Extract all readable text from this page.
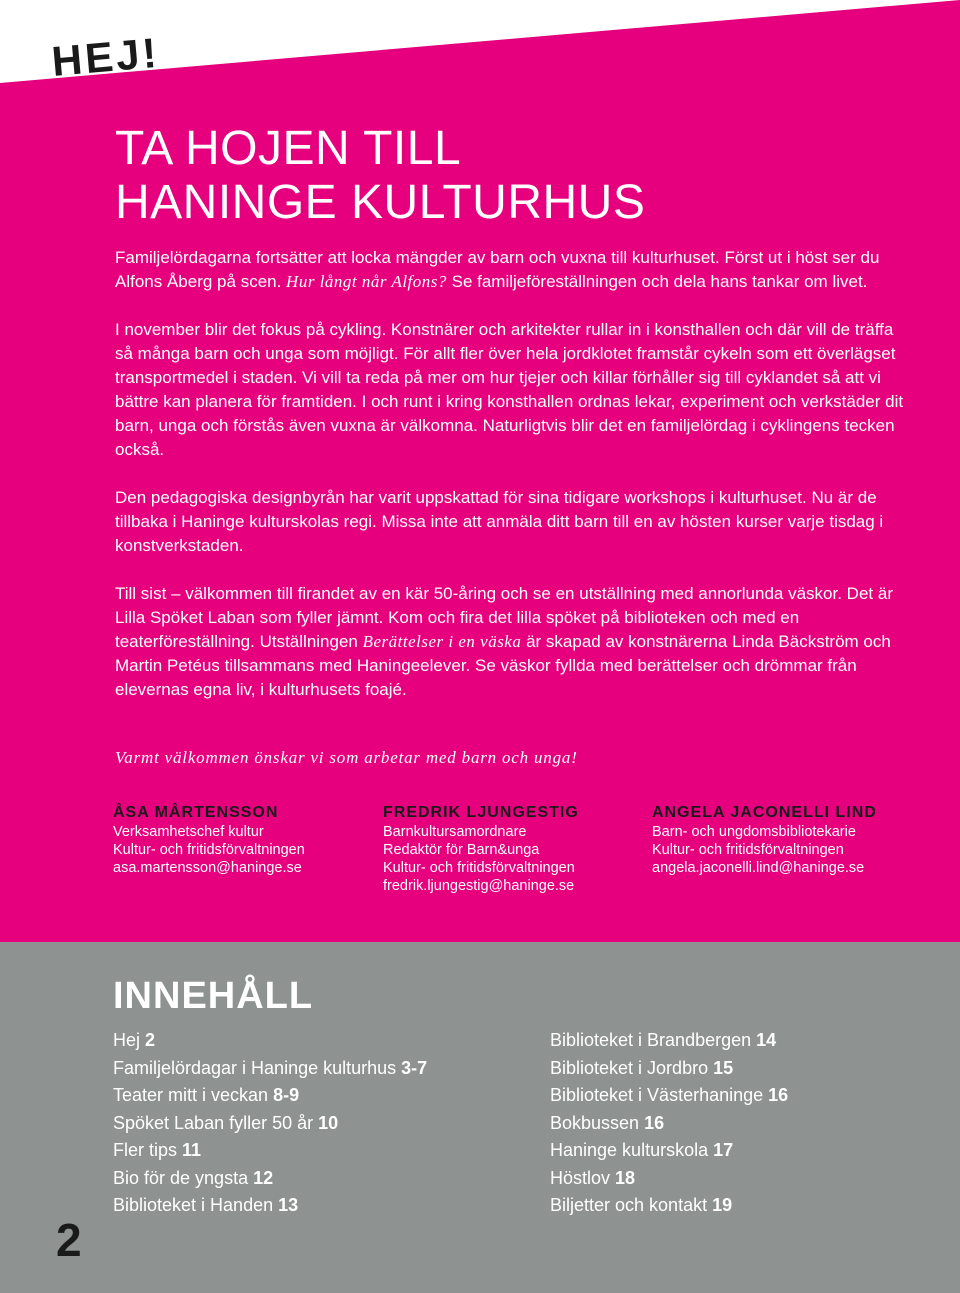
HEJ!
TA HOJEN TILL
HANINGE KULTURHUS

Familjelördagarna fortsätter att locka mängder av barn och vuxna till kulturhuset. Först ut i höst ser du Alfons Åberg på scen. Hur långt når Alfons? Se familjeföreställningen och dela hans tankar om livet.

I november blir det fokus på cykling. Konstnärer och arkitekter rullar in i konsthallen och där vill de träffa så många barn och unga som möjligt. För allt fler över hela jordklotet framstår cykeln som ett överlägset transportmedel i staden. Vi vill ta reda på mer om hur tjejer och killar förhåller sig till cyklandet så att vi bättre kan planera för framtiden. I och runt i kring konsthallen ordnas lekar, experiment och verkstäder dit barn, unga och förstås även vuxna är välkomna. Naturligtvis blir det en familjelördag i cyklingens tecken också.

Den pedagogiska designbyrån har varit uppskattad för sina tidigare workshops i kulturhuset. Nu är de tillbaka i Haninge kulturskolas regi. Missa inte att anmäla ditt barn till en av hösten kurser varje tisdag i konstverkstaden.

Till sist – välkommen till firandet av en kär 50-åring och se en utställning med annorlunda väskor. Det är Lilla Spöket Laban som fyller jämnt. Kom och fira det lilla spöket på biblioteken och med en teaterföreställning. Utställningen Berättelser i en väska är skapad av konstnärerna Linda Bäckström och Martin Petéus tillsammans med Haningeelever. Se väskor fyllda med berättelser och drömmar från elevernas egna liv, i kulturhusets foajé.

Varmt välkommen önskar vi som arbetar med barn och unga!
ÅSA MÅRTENSSON
Verksamhetschef kultur
Kultur- och fritidsförvaltningen
asa.martensson@haninge.se
FREDRIK LJUNGESTIG
Barnkultursamordnare
Redaktör för Barn&unga
Kultur- och fritidsförvaltningen
fredrik.ljungestig@haninge.se
ANGELA JACONELLI LIND
Barn- och ungdomsbibliotekarie
Kultur- och fritidsförvaltningen
angela.jaconelli.lind@haninge.se
INNEHÅLL
Hej 2
Familjelördagar i Haninge kulturhus 3-7
Teater mitt i veckan 8-9
Spöket Laban fyller 50 år 10
Fler tips 11
Bio för de yngsta 12
Biblioteket i Handen 13
Biblioteket i Brandbergen 14
Biblioteket i Jordbro 15
Biblioteket i Västerhaninge 16
Bokbussen 16
Haninge kulturskola 17
Höstlov 18
Biljetter och kontakt 19
2
